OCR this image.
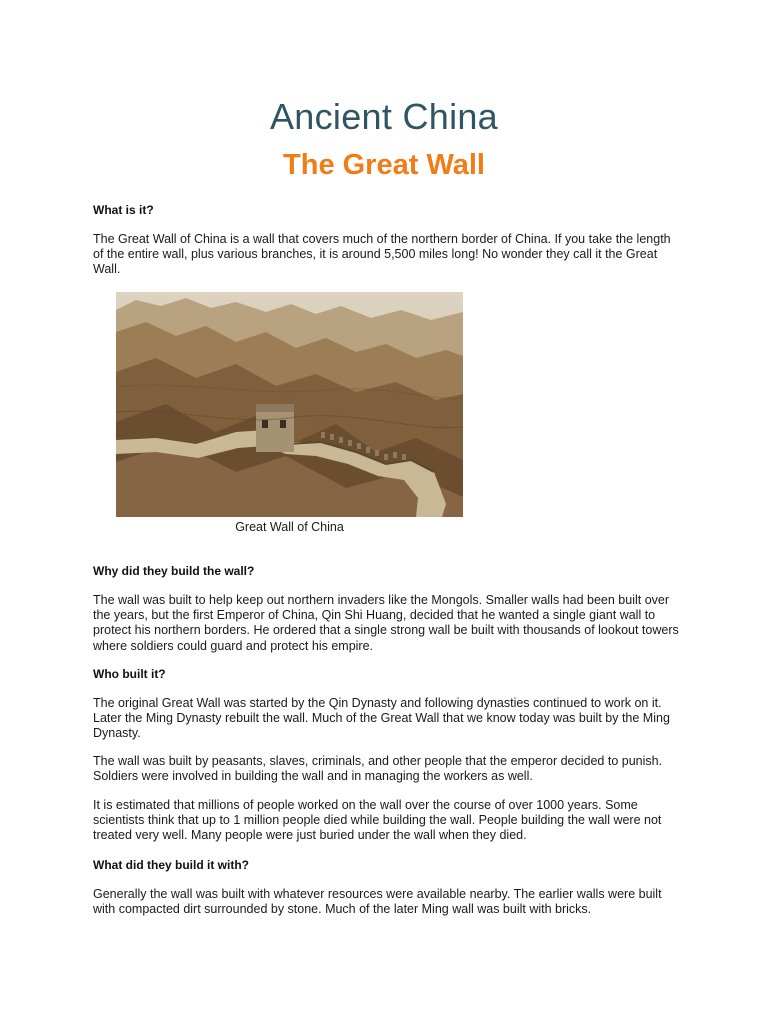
Ancient China
The Great Wall
What is it?

The Great Wall of China is a wall that covers much of the northern border of China. If you take the length of the entire wall, plus various branches, it is around 5,500 miles long! No wonder they call it the Great Wall.

Great Wall of China
Why did they build the wall?

The wall was built to help keep out northern invaders like the Mongols. Smaller walls had been built over the years, but the first Emperor of China, Qin Shi Huang, decided that he wanted a single giant wall to protect his northern borders. He ordered that a single strong wall be built with thousands of lookout towers where soldiers could guard and protect his empire.

Who built it?

The original Great Wall was started by the Qin Dynasty and following dynasties continued to work on it. Later the Ming Dynasty rebuilt the wall. Much of the Great Wall that we know today was built by the Ming Dynasty.

The wall was built by peasants, slaves, criminals, and other people that the emperor decided to punish. Soldiers were involved in building the wall and in managing the workers as well.

It is estimated that millions of people worked on the wall over the course of over 1000 years. Some scientists think that up to 1 million people died while building the wall. People building the wall were not treated very well. Many people were just buried under the wall when they died.

What did they build it with?

Generally the wall was built with whatever resources were available nearby. The earlier walls were built with compacted dirt surrounded by stone. Much of the later Ming wall was built with bricks.
